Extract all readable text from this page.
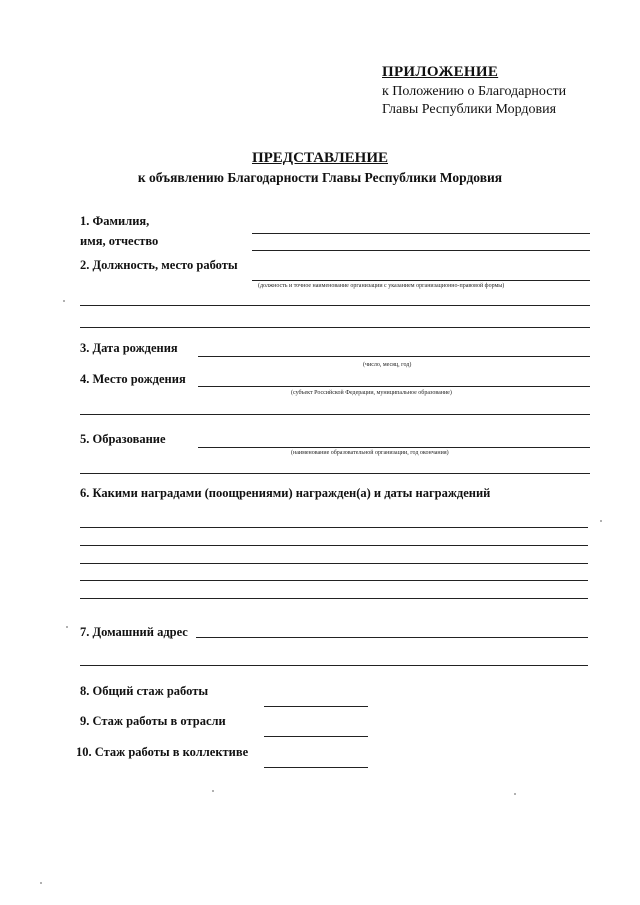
ПРИЛОЖЕНИЕ
к Положению о Благодарности
Главы Республики Мордовия
ПРЕДСТАВЛЕНИЕ
к объявлению Благодарности Главы Республики Мордовия
1. Фамилия,
имя, отчество
2. Должность, место работы
(должность и точное наименование организации с указанием организационно-правовой формы)
3. Дата рождения
(число, месяц, год)
4. Место рождения
(субъект Российской Федерации, муниципальное образование)
5. Образование
(наименование образовательной организации, год окончания)
6. Какими наградами (поощрениями) награжден(а) и даты награждений
7. Домашний адрес
8. Общий стаж работы
9. Стаж работы в отрасли
10. Стаж работы в коллективе
